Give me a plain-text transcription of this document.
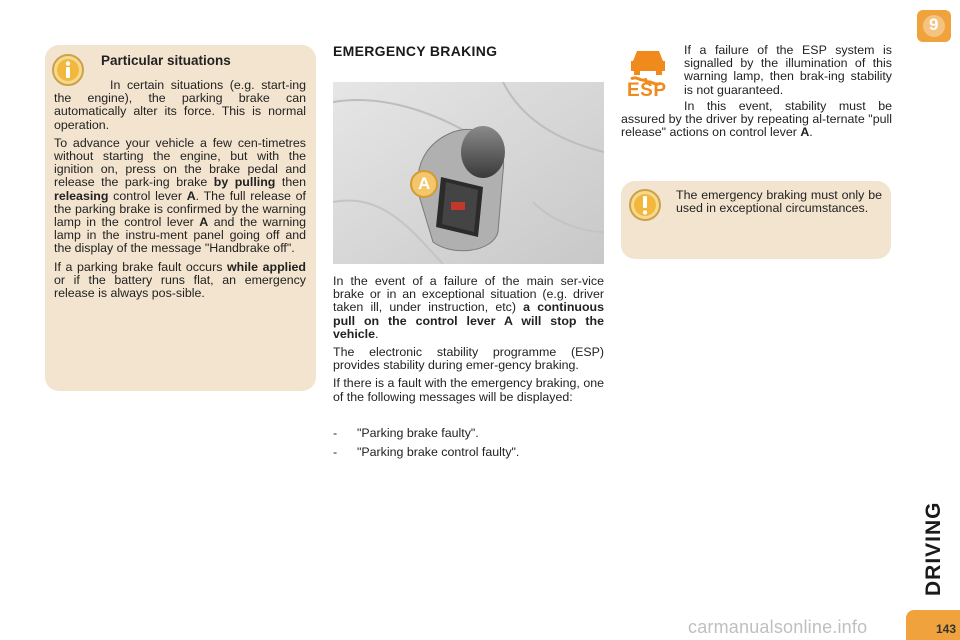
Particular situations

In certain situations (e.g. start-ing the engine), the parking brake can automatically alter its force. This is normal operation.

To advance your vehicle a few cen-timetres without starting the engine, but with the ignition on, press on the brake pedal and release the park-ing brake by pulling then releasing control lever A. The full release of the parking brake is confirmed by the warning lamp in the control lever A and the warning lamp in the instru-ment panel going off and the display of the message "Handbrake off".

If a parking brake fault occurs while applied or if the battery runs flat, an emergency release is always pos-sible.

EMERGENCY BRAKING
A

In the event of a failure of the main ser-vice brake or in an exceptional situation (e.g. driver taken ill, under instruction, etc) a continuous pull on the control lever A will stop the vehicle.

The electronic stability programme (ESP) provides stability during emer-gency braking.

If there is a fault with the emergency braking, one of the following messages will be displayed:

-	"Parking brake faulty".
-	"Parking brake control faulty".
ESP

If a failure of the ESP system is signalled by the illumination of this warning lamp, then brak-ing stability is not guaranteed.

In this event, stability must be assured by the driver by repeating al-ternate "pull release" actions on control lever A.

The emergency braking must only be used in exceptional circumstances.
9
DRIVING
143
carmanualsonline.info
